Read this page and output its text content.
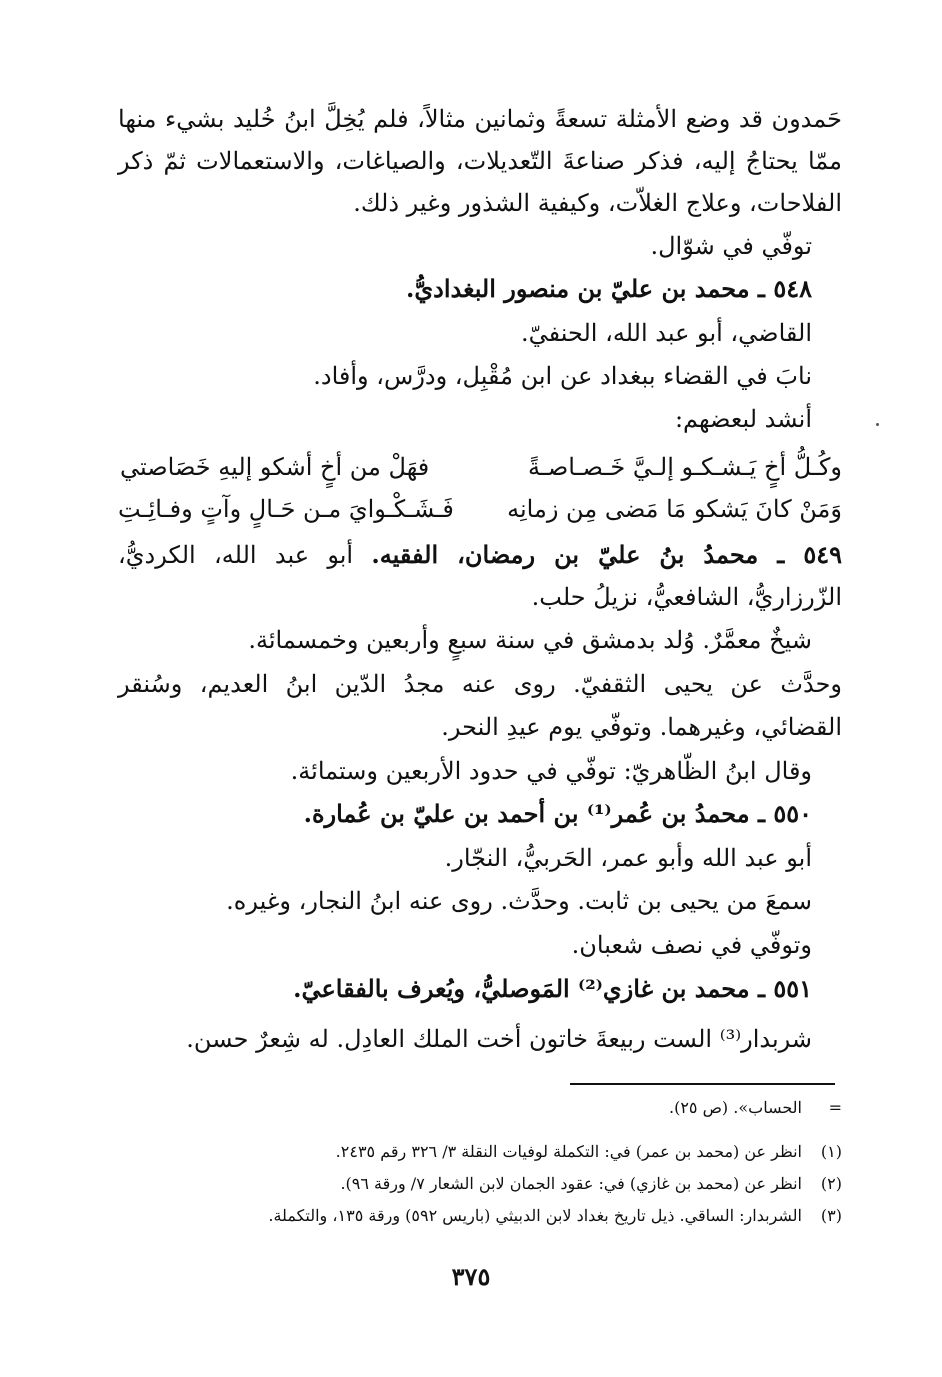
حَمدون قد وضع الأمثلة تسعةً وثمانين مثالاً، فلم يُخِلَّ ابنُ خُليد بشيء منها
ممّا يحتاجُ إليه، فذكر صناعةَ التّعديلات، والصياغات، والاستعمالات ثمّ ذكر
الفلاحات، وعلاج الغلاّت، وكيفية الشذور وغير ذلك.
توفّي في شوّال.
٥٤٨ ـ محمد بن عليّ بن منصور البغداديُّ.
القاضي، أبو عبد الله، الحنفيّ.
نابَ في القضاء ببغداد عن ابن مُقْبِل، ودرَّس، وأفاد.
أنشد لبعضهم:
وكُـلُّ أخٍ يَـشـكـو إلـيَّ خَـصـاصـةً
فهَلْ من أخٍ أشكو إليهِ خَصَاصتي
وَمَنْ كانَ يَشكو مَا مَضى مِن زمانِه
فَـشَـكْـوايَ مـن حَـالٍ وآتٍ وفـائِـتِ
٥٤٩ ـ محمدُ بنُ عليّ بن رمضان، الفقيه. أبو عبد الله، الكرديُّ،
الزّرزاريُّ، الشافعيُّ، نزيلُ حلب.
شيخٌ معمَّرٌ. وُلد بدمشق في سنة سبعٍ وأربعين وخمسمائة.
وحدَّث عن يحيى الثقفيّ. روى عنه مجدُ الدّين ابنُ العديم، وسُنقر
القضائي، وغيرهما. وتوفّي يوم عيدِ النحر.
وقال ابنُ الظّاهريّ: توفّي في حدود الأربعين وستمائة.
٥٥٠ ـ محمدُ بن عُمر⁽¹⁾ بن أحمد بن عليّ بن عُمارة.
أبو عبد الله وأبو عمر، الحَربيُّ، النجّار.
سمعَ من يحيى بن ثابت. وحدَّث. روى عنه ابنُ النجار، وغيره.
وتوفّي في نصف شعبان.
٥٥١ ـ محمد بن غازي⁽²⁾ المَوصليُّ، ويُعرف بالفقاعيّ.
شربدار⁽³⁾ الست ربيعةَ خاتون أخت الملك العادِل. له شِعرٌ حسن.
=الحساب». (ص ٢٥).
(١)انظر عن (محمد بن عمر) في: التكملة لوفيات النقلة ٣/ ٣٢٦ رقم ٢٤٣٥.
(٢)انظر عن (محمد بن غازي) في: عقود الجمان لابن الشعار ٧/ ورقة ٩٦).
(٣)الشربدار: الساقي. ذيل تاريخ بغداد لابن الدبيثي (باريس ٥٩٢) ورقة ١٣٥، والتكملة.
٣٧٥
